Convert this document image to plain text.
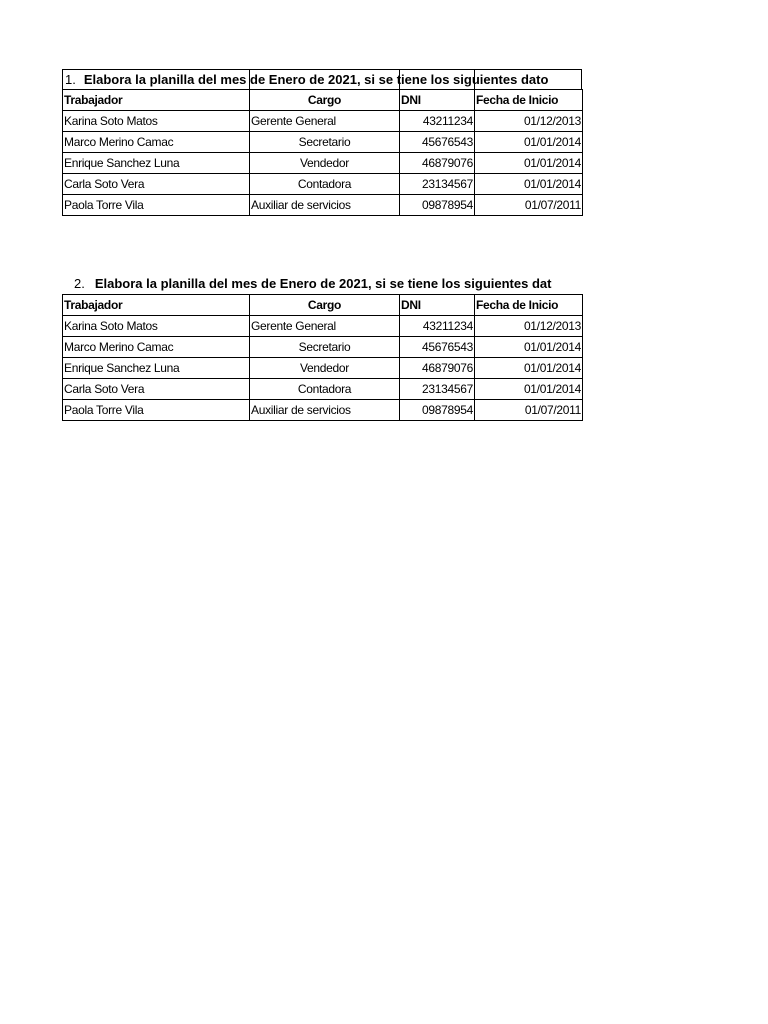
1. Elabora la planilla del mes de Enero de 2021, si se tiene los siguientes dato
Trabajador	Cargo	DNI	Fecha de Inicio
Karina Soto Matos	Gerente General	43211234	01/12/2013
Marco Merino Camac	Secretario	45676543	01/01/2014
Enrique Sanchez Luna	Vendedor	46879076	01/01/2014
Carla Soto Vera	Contadora	23134567	01/01/2014
Paola Torre Vila	Auxiliar de servicios	09878954	01/07/2011
2. Elabora la planilla del mes de Enero de 2021, si se tiene los siguientes dat
Trabajador	Cargo	DNI	Fecha de Inicio
Karina Soto Matos	Gerente General	43211234	01/12/2013
Marco Merino Camac	Secretario	45676543	01/01/2014
Enrique Sanchez Luna	Vendedor	46879076	01/01/2014
Carla Soto Vera	Contadora	23134567	01/01/2014
Paola Torre Vila	Auxiliar de servicios	09878954	01/07/2011
